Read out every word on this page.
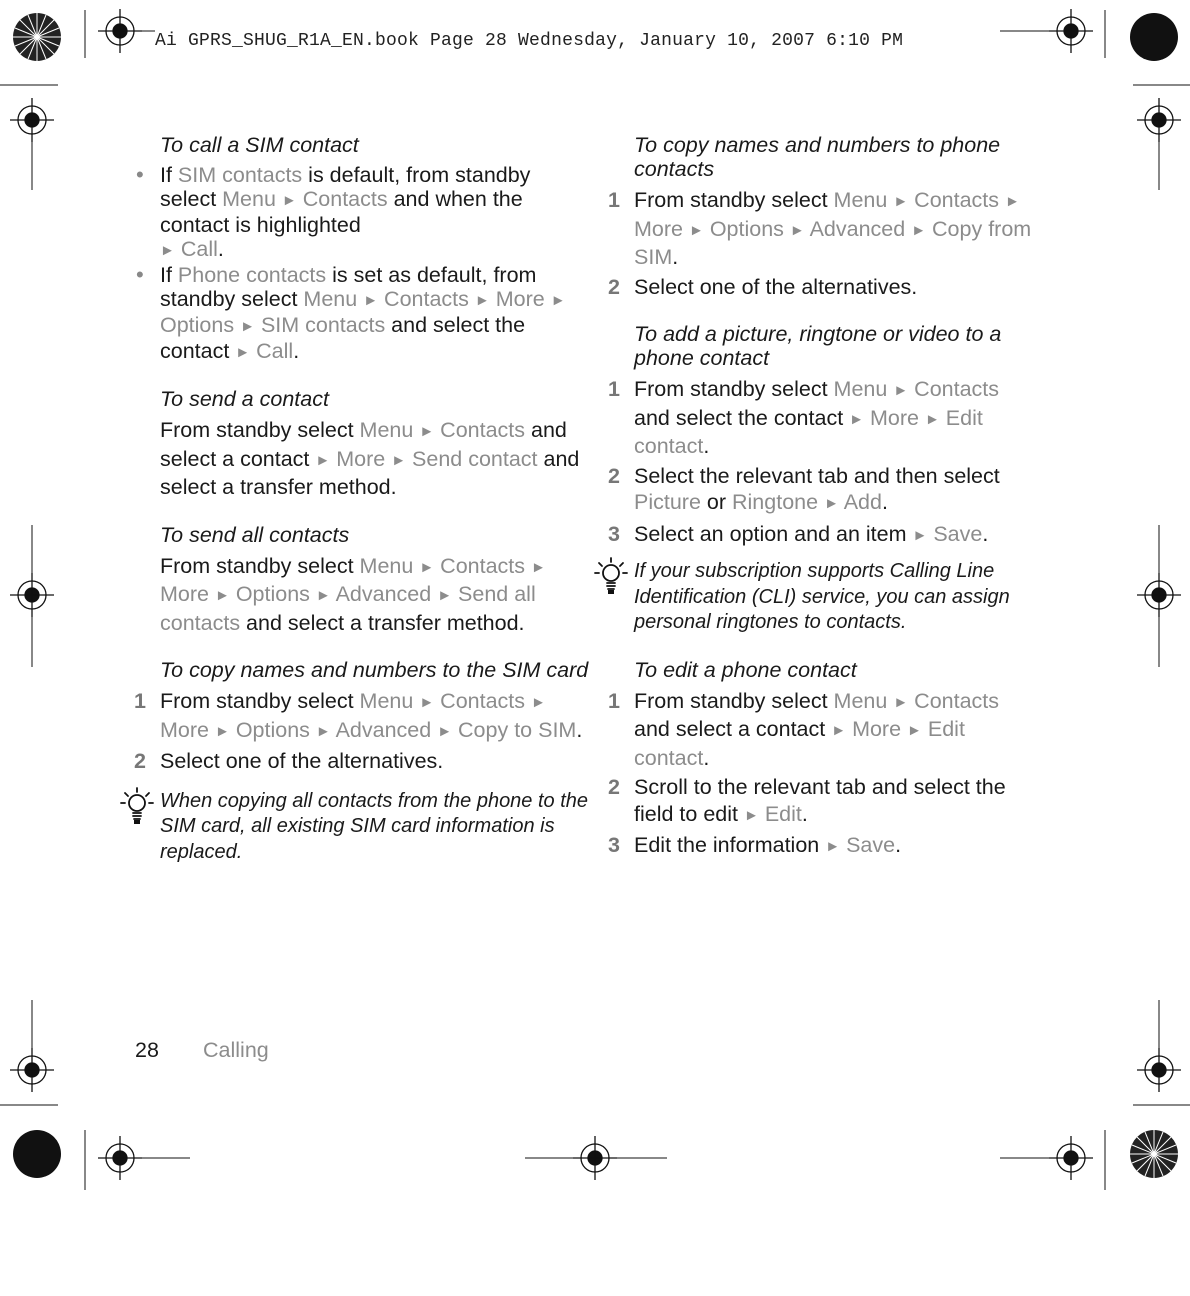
Ai GPRS_SHUG_R1A_EN.book Page 28 Wednesday, January 10, 2007 6:10 PM
To call a SIM contact
• If SIM contacts is default, from standby select Menu ► Contacts and when the contact is highlighted
► Call.
• If Phone contacts is set as default, from standby select Menu ► Contacts ► More ► Options ► SIM contacts and select the contact ► Call.
To send a contact

From standby select Menu ► Contacts and select a contact ► More ► Send contact and select a transfer method.

To send all contacts

From standby select Menu ► Contacts ► More ► Options ► Advanced ► Send all contacts and select a transfer method.

To copy names and numbers to the SIM card
1 From standby select Menu ► Contacts ► More ► Options ► Advanced ► Copy to SIM.
2 Select one of the alternatives.
When copying all contacts from the phone to the SIM card, all existing SIM card information is replaced.
To copy names and numbers to phone contacts
1 From standby select Menu ► Contacts ► More ► Options ► Advanced ► Copy from SIM.
2 Select one of the alternatives.
To add a picture, ringtone or video to a phone contact
1 From standby select Menu ► Contacts and select the contact ► More ► Edit contact.
2 Select the relevant tab and then select Picture or Ringtone ► Add.
3 Select an option and an item ► Save.
If your subscription supports Calling Line Identification (CLI) service, you can assign personal ringtones to contacts.
To edit a phone contact
1 From standby select Menu ► Contacts and select a contact ► More ► Edit contact.
2 Scroll to the relevant tab and select the field to edit ► Edit.
3 Edit the information ► Save.
28 Calling
